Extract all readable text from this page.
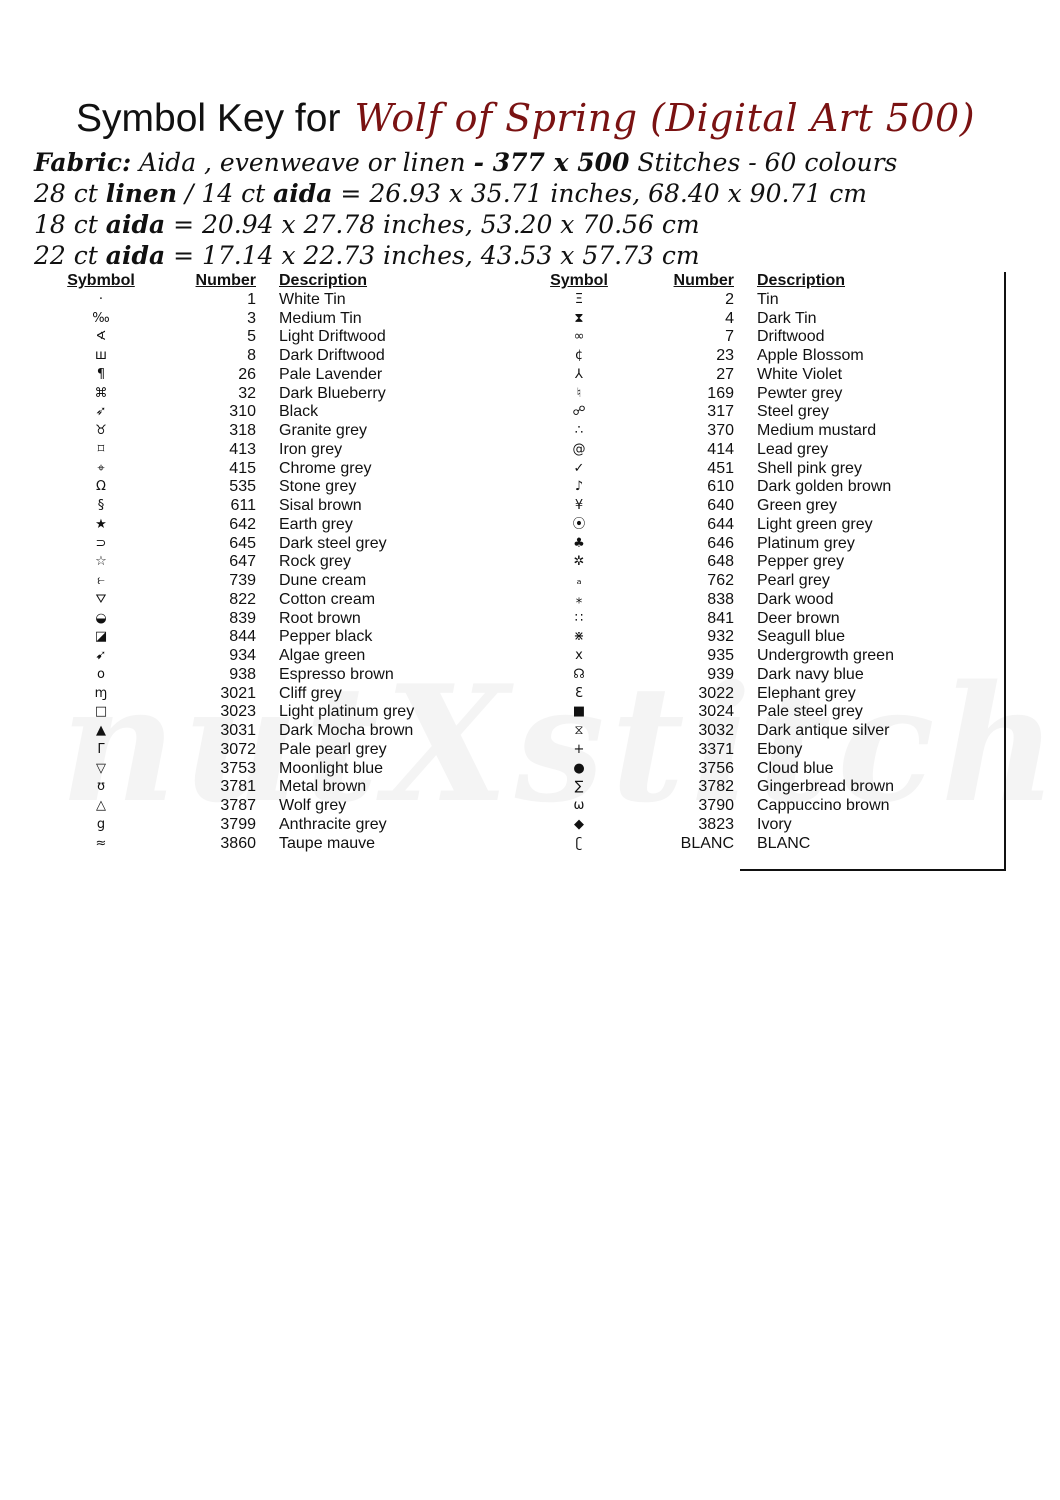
Symbol Key for Wolf of Spring (Digital Art 500)
Fabric: Aida , evenweave or linen - 377 x 500 Stitches - 60 colours
28 ct linen / 14 ct aida = 26.93 x 35.71 inches, 68.40 x 90.71 cm
18 ct aida = 20.94 x 27.78 inches, 53.20 x 70.56 cm
22 ct aida = 17.14 x 22.73 inches, 43.53 x 57.73 cm
Sybmbol	Number	Description
·	1	White Tin
‰	3	Medium Tin
∢	5	Light Driftwood
ш	8	Dark Driftwood
¶	26	Pale Lavender
⌘	32	Dark Blueberry
➶	310	Black
♉	318	Granite grey
⌑	413	Iron grey
⌖	415	Chrome grey
Ω	535	Stone grey
§	611	Sisal brown
★	642	Earth grey
⊃	645	Dark steel grey
☆	647	Rock grey
⥼	739	Dune cream
⛛	822	Cotton cream
◒	839	Root brown
◪	844	Pepper black
➹	934	Algae green
o	938	Espresso brown
ɱ	3021	Cliff grey
□	3023	Light platinum grey
▲	3031	Dark Mocha brown
Γ	3072	Pale pearl grey
▽	3753	Moonlight blue
ʊ	3781	Metal brown
△	3787	Wolf grey
g	3799	Anthracite grey
≈	3860	Taupe mauve
Symbol	Number	Description
Ξ	2	Tin
⧗	4	Dark Tin
∞	7	Driftwood
¢	23	Apple Blossom
⅄	27	White Violet
♮	169	Pewter grey
☍	317	Steel grey
∴	370	Medium mustard
@	414	Lead grey
✓	451	Shell pink grey
♪	610	Dark golden brown
¥	640	Green grey
⦿	644	Light green grey
♣	646	Platinum grey
✲	648	Pepper grey
ₐ	762	Pearl grey
⁎	838	Dark wood
∷	841	Deer brown
⋇	932	Seagull blue
x	935	Undergrowth green
☊	939	Dark navy blue
Ɛ	3022	Elephant grey
■	3024	Pale steel grey
⧖	3032	Dark antique silver
+	3371	Ebony
●	3756	Cloud blue
∑	3782	Gingerbread brown
ω	3790	Cappuccino brown
◆	3823	Ivory
ʗ	BLANC	BLANC
